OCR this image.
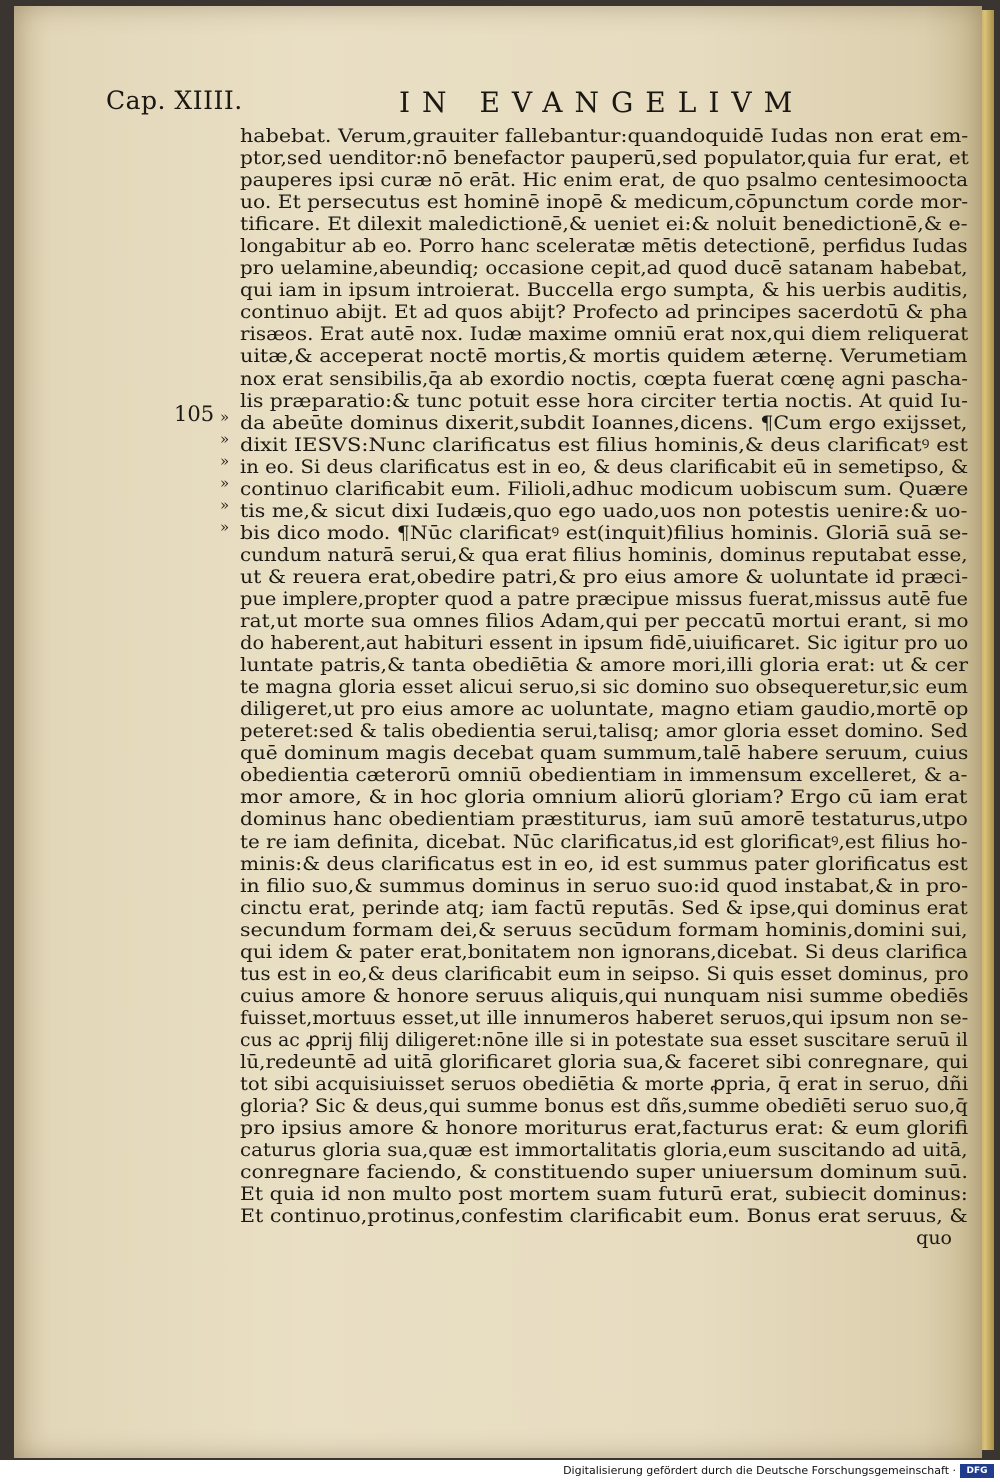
Cap. XIIII.	IN EVANGELIVM
105 »
»
»
»
»
»
habebat. Verum,grauiter fallebantur:quandoquidē Iudas non erat em-
ptor,sed uenditor:nō benefactor pauperū,sed populator,quia fur erat, et
pauperes ipsi curæ nō erāt. Hic enim erat, de quo psalmo centesimoocta
uo. Et persecutus est hominē inopē & medicum,cōpunctum corde mor-
tificare. Et dilexit maledictionē,& ueniet ei:& noluit benedictionē,& e-
longabitur ab eo. Porro hanc sceleratæ mētis detectionē, perfidus Iudas
pro uelamine,abeundiq; occasione cepit,ad quod ducē satanam habebat,
qui iam in ipsum introierat. Buccella ergo sumpta, & his uerbis auditis,
continuo abijt. Et ad quos abijt? Profecto ad principes sacerdotū & pha
risæos. Erat autē nox. Iudæ maxime omniū erat nox,qui diem reliquerat
uitæ,& acceperat noctē mortis,& mortis quidem æternę. Verumetiam
nox erat sensibilis,q̄a ab exordio noctis, cœpta fuerat cœnę agni pascha-
lis præparatio:& tunc potuit esse hora circiter tertia noctis. At quid Iu-
da abeūte dominus dixerit,subdit Ioannes,dicens. ¶Cum ergo exijsset,
dixit IESVS:Nunc clarificatus est filius hominis,& deus clarificatꝰ est
in eo. Si deus clarificatus est in eo, & deus clarificabit eū in semetipso, &
continuo clarificabit eum. Filioli,adhuc modicum uobiscum sum. Quære
tis me,& sicut dixi Iudæis,quo ego uado,uos non potestis uenire:& uo-
bis dico modo. ¶Nūc clarificatꝰ est(inquit)filius hominis. Gloriā suā se-
cundum naturā serui,& qua erat filius hominis, dominus reputabat esse,
ut & reuera erat,obedire patri,& pro eius amore & uoluntate id præci-
pue implere,propter quod a patre præcipue missus fuerat,missus autē fue
rat,ut morte sua omnes filios Adam,qui per peccatū mortui erant, si mo
do haberent,aut habituri essent in ipsum fidē,uiuificaret. Sic igitur pro uo
luntate patris,& tanta obediētia & amore mori,illi gloria erat: ut & cer
te magna gloria esset alicui seruo,si sic domino suo obsequeretur,sic eum
diligeret,ut pro eius amore ac uoluntate, magno etiam gaudio,mortē op
peteret:sed & talis obedientia serui,talisq; amor gloria esset domino. Sed
quē dominum magis decebat quam summum,talē habere seruum, cuius
obedientia cæterorū omniū obedientiam in immensum excelleret, & a-
mor amore, & in hoc gloria omnium aliorū gloriam? Ergo cū iam erat
dominus hanc obedientiam præstiturus, iam suū amorē testaturus,utpo
te re iam definita, dicebat. Nūc clarificatus,id est glorificatꝰ,est filius ho-
minis:& deus clarificatus est in eo, id est summus pater glorificatus est
in filio suo,& summus dominus in seruo suo:id quod instabat,& in pro-
cinctu erat, perinde atq; iam factū reputās. Sed & ipse,qui dominus erat
secundum formam dei,& seruus secūdum formam hominis,domini sui,
qui idem & pater erat,bonitatem non ignorans,dicebat. Si deus clarifica
tus est in eo,& deus clarificabit eum in seipso. Si quis esset dominus, pro
cuius amore & honore seruus aliquis,qui nunquam nisi summe obediēs
fuisset,mortuus esset,ut ille innumeros haberet seruos,qui ipsum non se-
cus ac ꝓprij filij diligeret:nōne ille si in potestate sua esset suscitare seruū il
lū,redeuntē ad uitā glorificaret gloria sua,& faceret sibi conregnare, qui
tot sibi acquisiuisset seruos obediētia & morte ꝓpria, q̄ erat in seruo, dñi
gloria? Sic & deus,qui summe bonus est dñs,summe obediēti seruo suo,q̄
pro ipsius amore & honore moriturus erat,facturus erat: & eum glorifi
caturus gloria sua,quæ est immortalitatis gloria,eum suscitando ad uitā,
conregnare faciendo, & constituendo super uniuersum dominum suū.
Et quia id non multo post mortem suam futurū erat, subiecit dominus:
Et continuo,protinus,confestim clarificabit eum. Bonus erat seruus, &
quo
Digitalisierung gefördert durch die Deutsche Forschungsgemeinschaft ·	DFG
